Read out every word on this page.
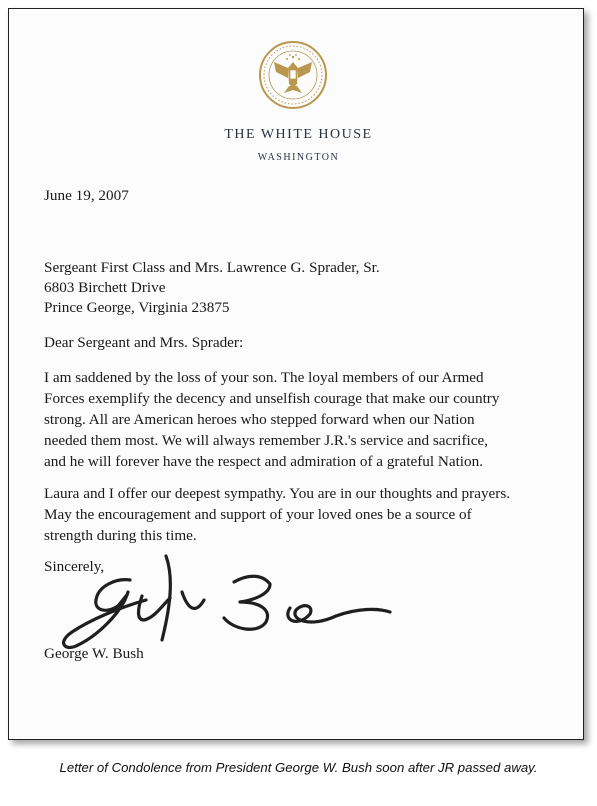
THE WHITE HOUSE
WASHINGTON
June 19, 2007
Sergeant First Class and Mrs. Lawrence G. Sprader, Sr.
6803 Birchett Drive
Prince George, Virginia 23875
Dear Sergeant and Mrs. Sprader:
I am saddened by the loss of your son. The loyal members of our Armed
Forces exemplify the decency and unselfish courage that make our country
strong. All are American heroes who stepped forward when our Nation
needed them most. We will always remember J.R.'s service and sacrifice,
and he will forever have the respect and admiration of a grateful Nation.
Laura and I offer our deepest sympathy. You are in our thoughts and prayers.
May the encouragement and support of your loved ones be a source of
strength during this time.
Sincerely,
George W. Bush
Letter of Condolence from President George W. Bush soon after JR passed away.
